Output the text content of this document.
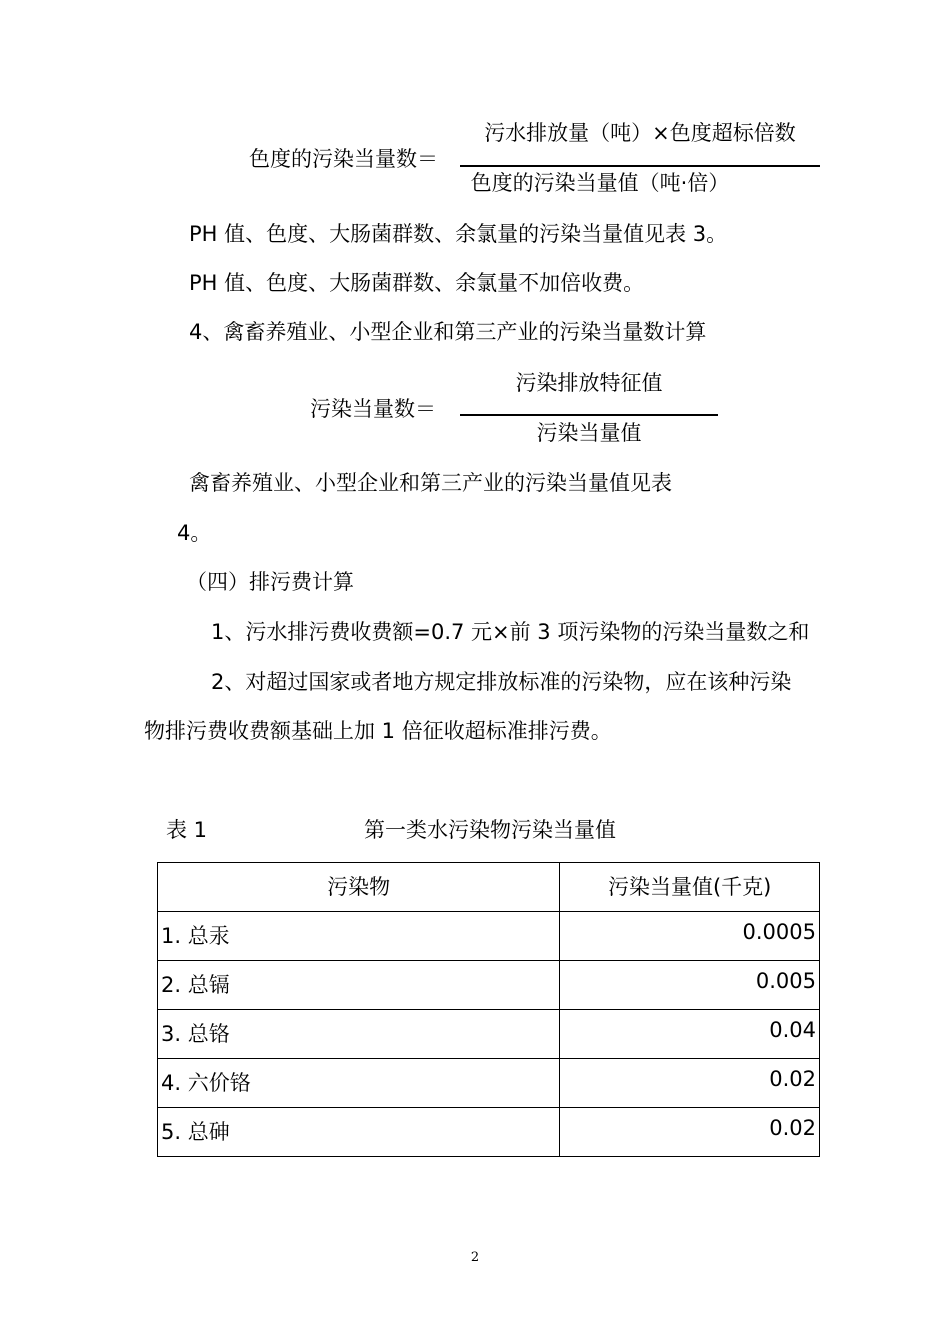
色度的污染当量数＝
污水排放量（吨）×色度超标倍数
色度的污染当量值（吨·倍）
PH 值、色度、大肠菌群数、余氯量的污染当量值见表 3。
PH 值、色度、大肠菌群数、余氯量不加倍收费。
4、禽畜养殖业、小型企业和第三产业的污染当量数计算
污染当量数＝
污染排放特征值
污染当量值
禽畜养殖业、小型企业和第三产业的污染当量值见表
4。
（四）排污费计算
1、污水排污费收费额=0.7 元×前 3 项污染物的污染当量数之和
2、对超过国家或者地方规定排放标准的污染物，应在该种污染
物排污费收费额基础上加 1 倍征收超标准排污费。
表 1	第一类水污染物污染当量值
污染物	污染当量值(千克)
1. 总汞	0.0005
2. 总镉	0.005
3. 总铬	0.04
4. 六价铬	0.02
5. 总砷	0.02
2
